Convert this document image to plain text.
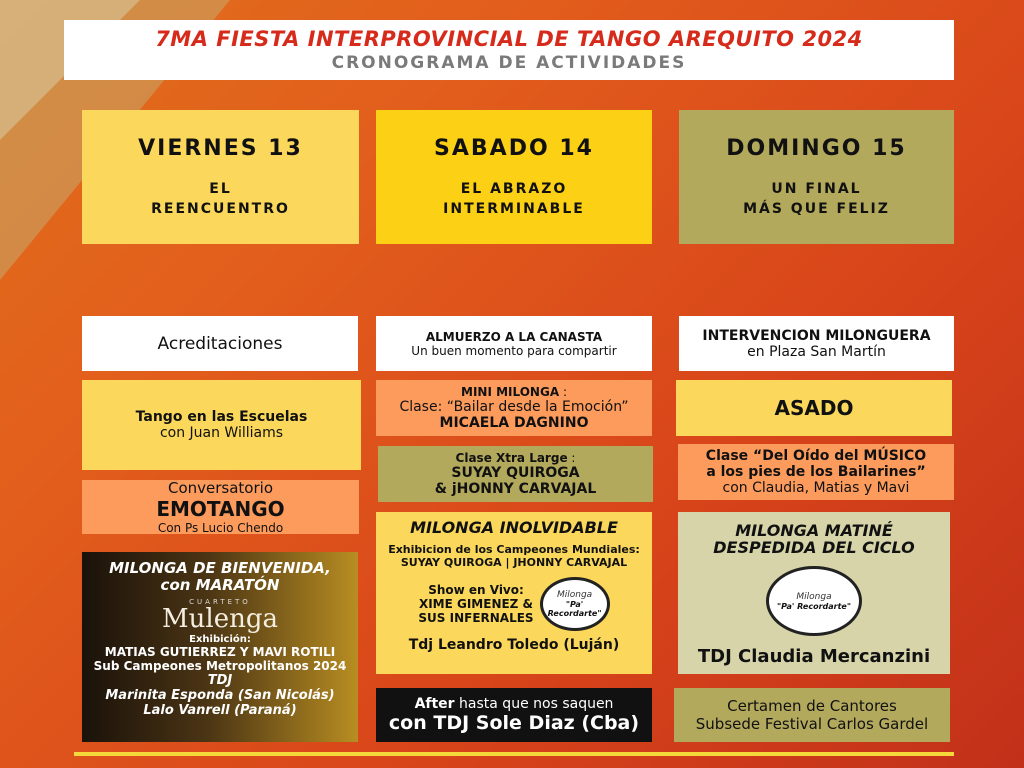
7MA FIESTA INTERPROVINCIAL DE TANGO AREQUITO 2024
CRONOGRAMA DE ACTIVIDADES
VIERNES 13
EL
REENCUENTRO
SABADO 14
EL ABRAZO
INTERMINABLE
DOMINGO 15
UN FINAL
MÁS QUE FELIZ
Acreditaciones
Tango en las Escuelas
con Juan Williams
Conversatorio
EMOTANGO
Con Ps Lucio Chendo
MILONGA DE BIENVENIDA,
con MARATÓN
CUARTETO
Mulenga
Exhibición:
MATIAS GUTIERREZ Y MAVI ROTILI
Sub Campeones Metropolitanos 2024
TDJ
Marinita Esponda (San Nicolás)
Lalo Vanrell (Paraná)
ALMUERZO A LA CANASTA
Un buen momento para compartir
MINI MILONGA :
Clase: “Bailar desde la Emoción”
MICAELA DAGNINO
Clase Xtra Large :
SUYAY QUIROGA
& jHONNY CARVAJAL
MILONGA INOLVIDABLE
Exhibicion de los Campeones Mundiales:
SUYAY QUIROGA | JHONNY CARVAJAL
Show en Vivo:
XIME GIMENEZ &
SUS INFERNALES
Milonga
"Pa' Recordarte"
Tdj Leandro Toledo (Luján)
After hasta que nos saquen
con TDJ Sole Diaz (Cba)
INTERVENCION MILONGUERA
en Plaza San Martín
ASADO
Clase “Del Oído del MÚSICO
a los pies de los Bailarines”
con Claudia, Matias y Mavi
MILONGA MATINÉ
DESPEDIDA DEL CICLO
Milonga
"Pa' Recordarte"
TDJ Claudia Mercanzini
Certamen de Cantores
Subsede Festival Carlos Gardel
